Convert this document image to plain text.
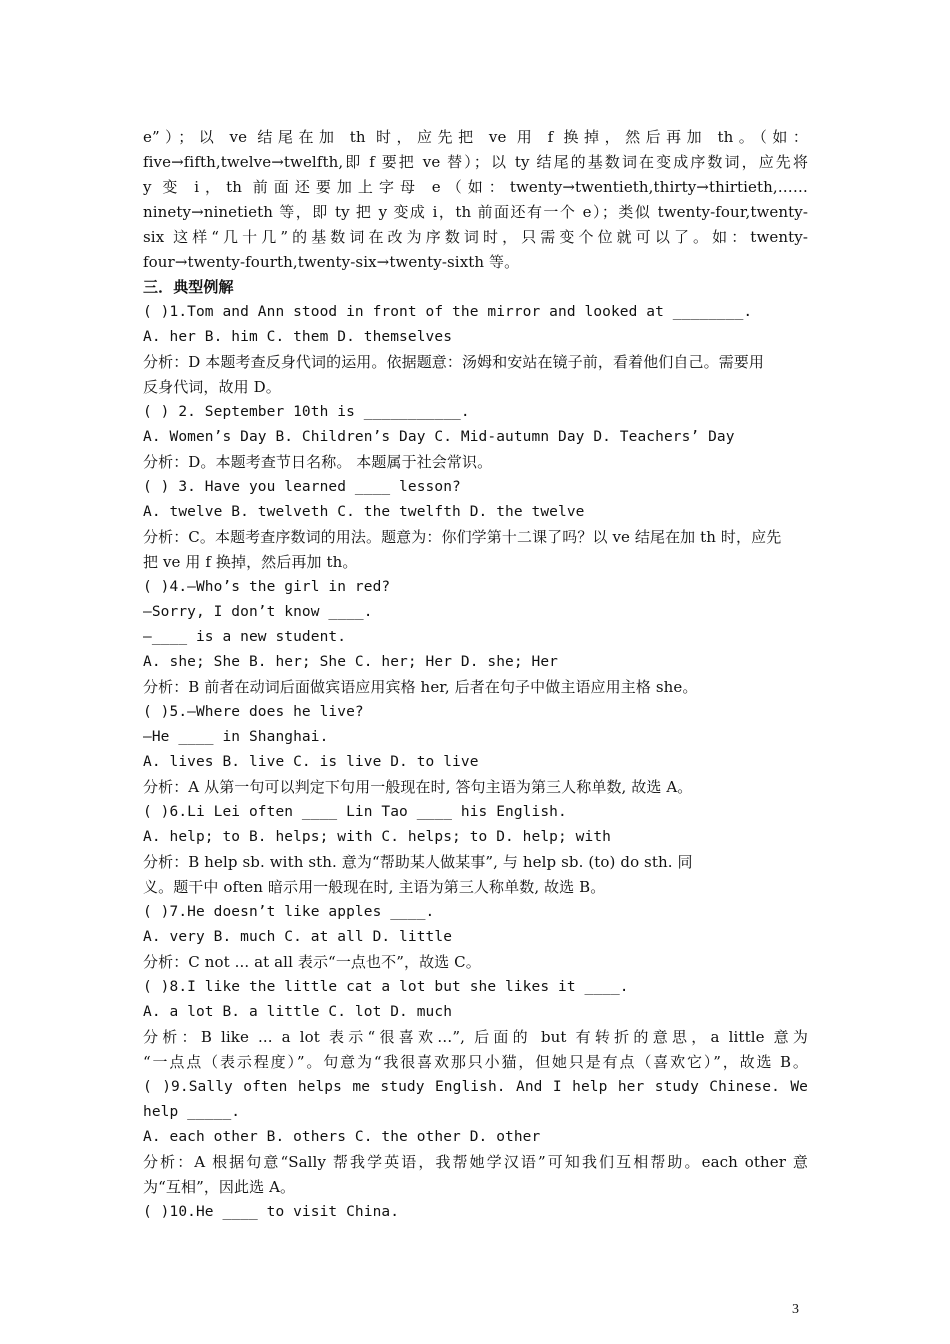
e”）；以 ve 结尾在加 th 时，应先把 ve 用 f 换掉，然后再加 th。（如：
five→fifth,twelve→twelfth,即 f 要把 ve 替）；以 ty 结尾的基数词在变成序数词，应先将
y 变 i，th 前面还要加上字母 e（如：twenty→twentieth,thirty→thirtieth,……
ninety→ninetieth 等，即 ty 把 y 变成 i，th 前面还有一个 e）；类似 twenty-four,twenty-
six 这样“几十几”的基数词在改为序数词时，只需变个位就可以了。如：twenty-
four→twenty-fourth,twenty-six→twenty-sixth 等。
三．典型例解
( )1.Tom and Ann stood in front of the mirror and looked at ________.
A. her B. him C. them D. themselves
分析：D 本题考查反身代词的运用。依据题意：汤姆和安站在镜子前，看着他们自己。需要用
反身代词，故用 D。
( ) 2. September 10th is ___________.
A. Women’s Day B. Children’s Day C. Mid-autumn Day D. Teachers’ Day
分析：D。本题考查节日名称。 本题属于社会常识。
( ) 3. Have you learned ____ lesson?
A. twelve B. twelveth C. the twelfth D. the twelve
分析：C。本题考查序数词的用法。题意为：你们学第十二课了吗？以 ve 结尾在加 th 时，应先
把 ve 用 f 换掉，然后再加 th。
( )4.—Who’s the girl in red?
—Sorry, I don’t know ____.
—____ is a new student.
A. she; She B. her; She C. her; Her D. she; Her
分析：B 前者在动词后面做宾语应用宾格 her, 后者在句子中做主语应用主格 she。
( )5.—Where does he live?
—He ____ in Shanghai.
A. lives B. live C. is live D. to live
分析：A 从第一句可以判定下句用一般现在时, 答句主语为第三人称单数, 故选 A。
( )6.Li Lei often ____ Lin Tao ____ his English.
A. help; to B. helps; with C. helps; to D. help; with
分析：B help sb. with sth. 意为“帮助某人做某事”, 与 help sb. (to) do sth. 同
义。题干中 often 暗示用一般现在时, 主语为第三人称单数, 故选 B。
( )7.He doesn’t like apples ____.
A. very B. much C. at all D. little
分析：C not ... at all 表示“一点也不”，故选 C。
( )8.I like the little cat a lot but she likes it ____.
A. a lot B. a little C. lot D. much
分析：B like ... a lot 表示“很喜欢…”, 后面的 but 有转折的意思，a little 意为
“一点点（表示程度）”。句意为“我很喜欢那只小猫，但她只是有点（喜欢它）”，故选 B。
( )9.Sally often helps me study English. And I help her study Chinese. We
help _____.
A. each other B. others C. the other D. other
分析：A 根据句意“Sally 帮我学英语，我帮她学汉语”可知我们互相帮助。each other 意
为“互相”，因此选 A。
( )10.He ____ to visit China.
3
